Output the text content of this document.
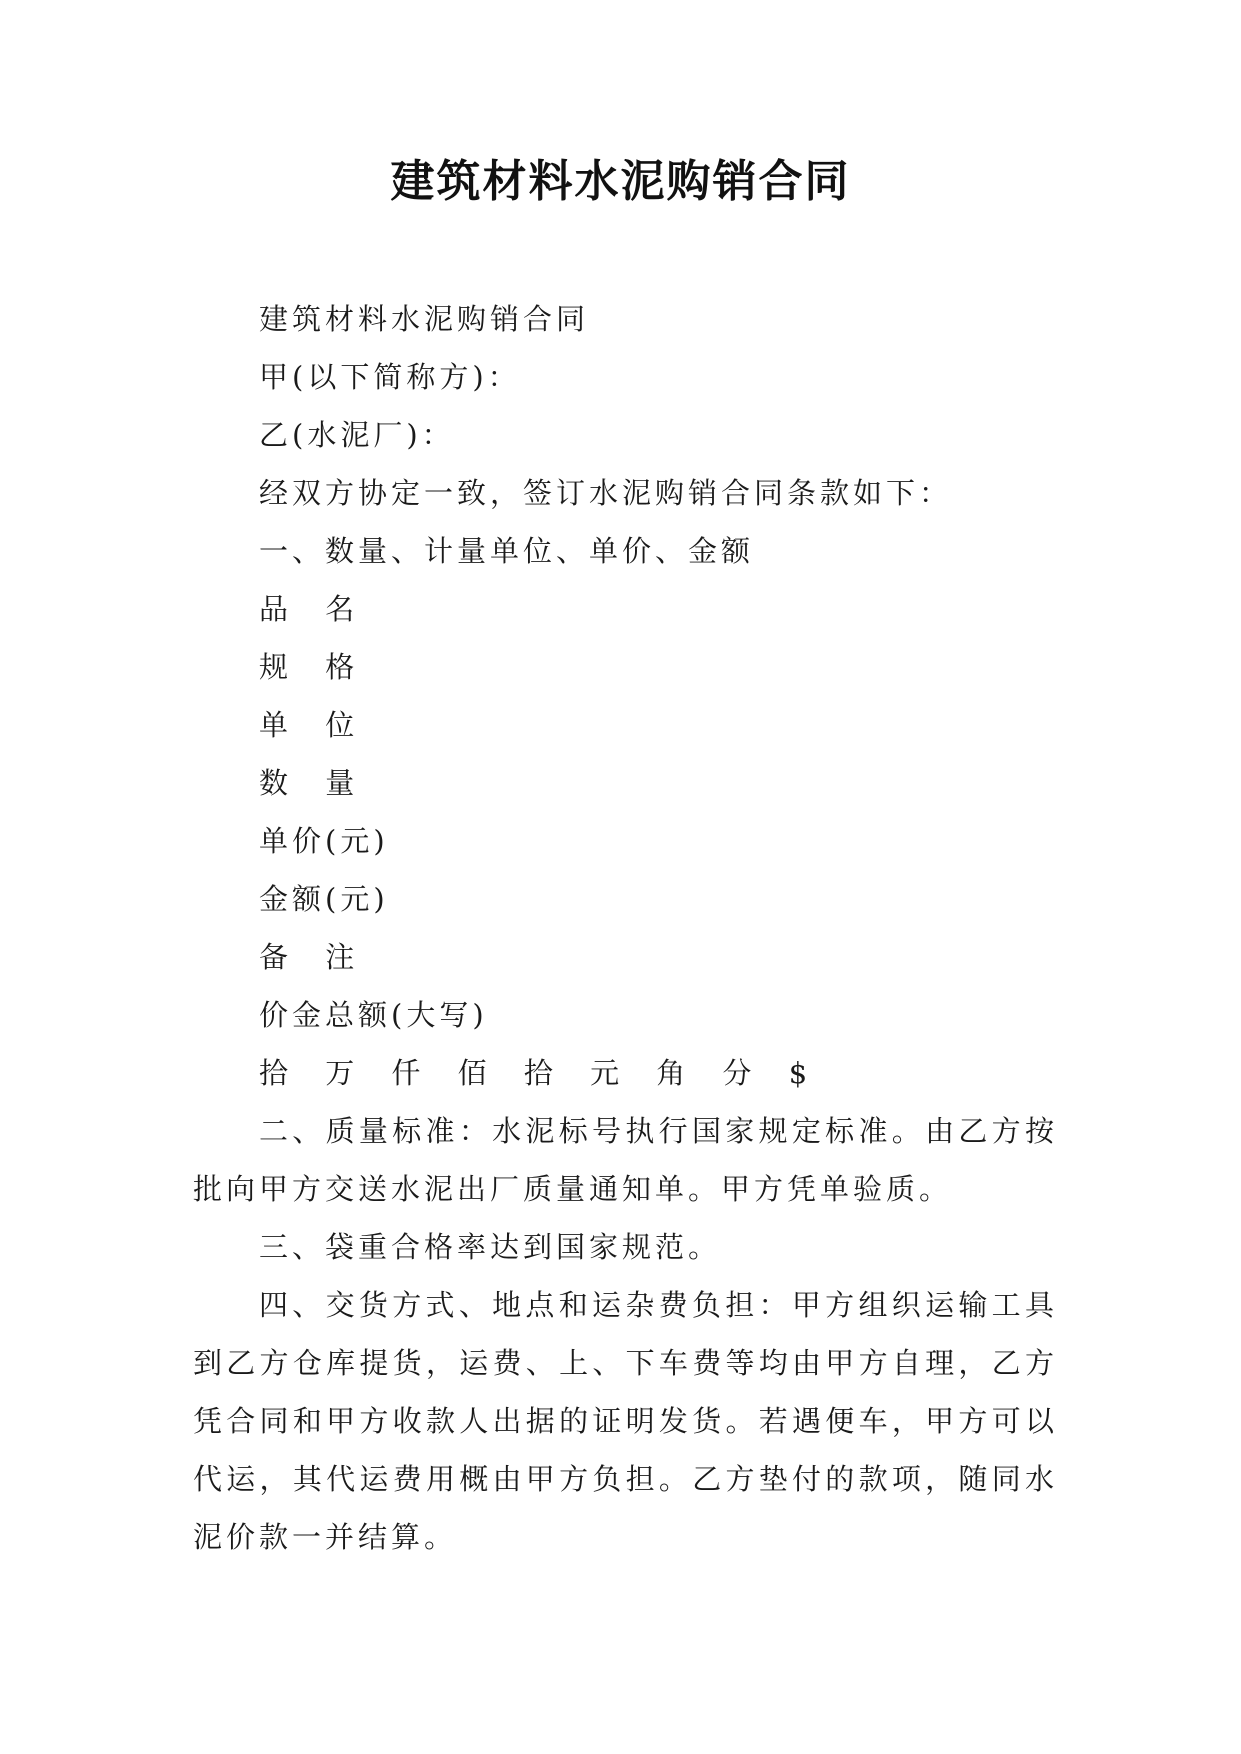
建筑材料水泥购销合同

建筑材料水泥购销合同

甲(以下简称方)：

乙(水泥厂)：

经双方协定一致，签订水泥购销合同条款如下：

一、数量、计量单位、单价、金额

品 名

规 格

单 位

数 量

单价(元)

金额(元)

备 注

价金总额(大写)

拾 万 仟 佰 拾 元 角 分 $

二、质量标准：水泥标号执行国家规定标准。由乙方按批向甲方交送水泥出厂质量通知单。甲方凭单验质。

三、袋重合格率达到国家规范。

四、交货方式、地点和运杂费负担：甲方组织运输工具到乙方仓库提货，运费、上、下车费等均由甲方自理，乙方凭合同和甲方收款人出据的证明发货。若遇便车，甲方可以代运，其代运费用概由甲方负担。乙方垫付的款项，随同水泥价款一并结算。
